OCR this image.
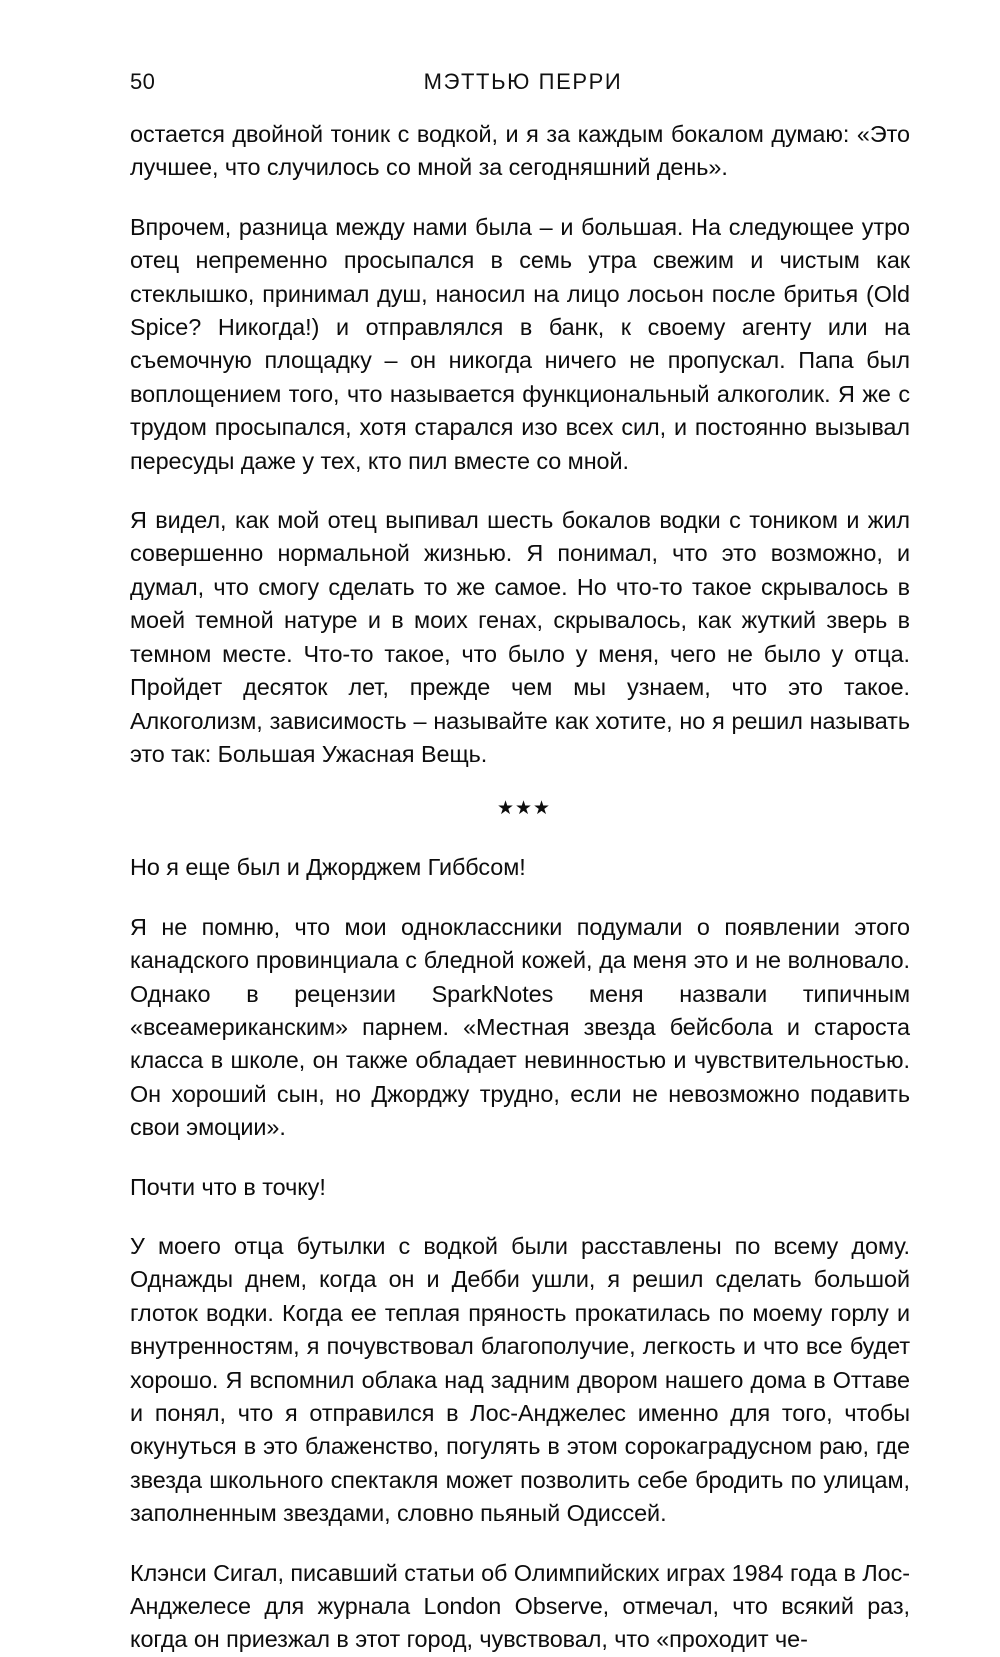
50	МЭТТЬЮ ПЕРРИ

остается двойной тоник с водкой, и я за каждым бокалом думаю: «Это лучшее, что случилось со мной за сегодняшний день».

Впрочем, разница между нами была – и большая. На следующее утро отец непременно просыпался в семь утра свежим и чистым как стеклышко, принимал душ, наносил на лицо лосьон после бритья (Old Spice? Никогда!) и отправлялся в банк, к своему агенту или на съемочную площадку – он никогда ничего не пропускал. Папа был воплощением того, что называется функциональный алкоголик. Я же с трудом просыпался, хотя старался изо всех сил, и постоянно вызывал пересуды даже у тех, кто пил вместе со мной.

Я видел, как мой отец выпивал шесть бокалов водки с тоником и жил совершенно нормальной жизнью. Я понимал, что это возможно, и думал, что смогу сделать то же самое. Но что-то такое скрывалось в моей темной натуре и в моих генах, скрывалось, как жуткий зверь в темном месте. Что-то такое, что было у меня, чего не было у отца. Пройдет десяток лет, прежде чем мы узнаем, что это такое. Алкоголизм, зависимость – называйте как хотите, но я решил называть это так: Большая Ужасная Вещь.

★★★

Но я еще был и Джорджем Гиббсом!

Я не помню, что мои одноклассники подумали о появлении этого канадского провинциала с бледной кожей, да меня это и не волновало. Однако в рецензии SparkNotes меня назвали типичным «всеамериканским» парнем. «Местная звезда бейсбола и староста класса в школе, он также обладает невинностью и чувствительностью. Он хороший сын, но Джорджу трудно, если не невозможно подавить свои эмоции».

Почти что в точку!

У моего отца бутылки с водкой были расставлены по всему дому. Однажды днем, когда он и Дебби ушли, я решил сделать большой глоток водки. Когда ее теплая пряность прокатилась по моему горлу и внутренностям, я почувствовал благополучие, легкость и что все будет хорошо. Я вспомнил облака над задним двором нашего дома в Оттаве и понял, что я отправился в Лос-Анджелес именно для того, чтобы окунуться в это блаженство, погулять в этом сорокаградусном раю, где звезда школьного спектакля может позволить себе бродить по улицам, заполненным звездами, словно пьяный Одиссей.

Клэнси Сигал, писавший статьи об Олимпийских играх 1984 года в Лос-Анджелесе для журнала London Observe, отмечал, что всякий раз, когда он приезжал в этот город, чувствовал, что «проходит че-
